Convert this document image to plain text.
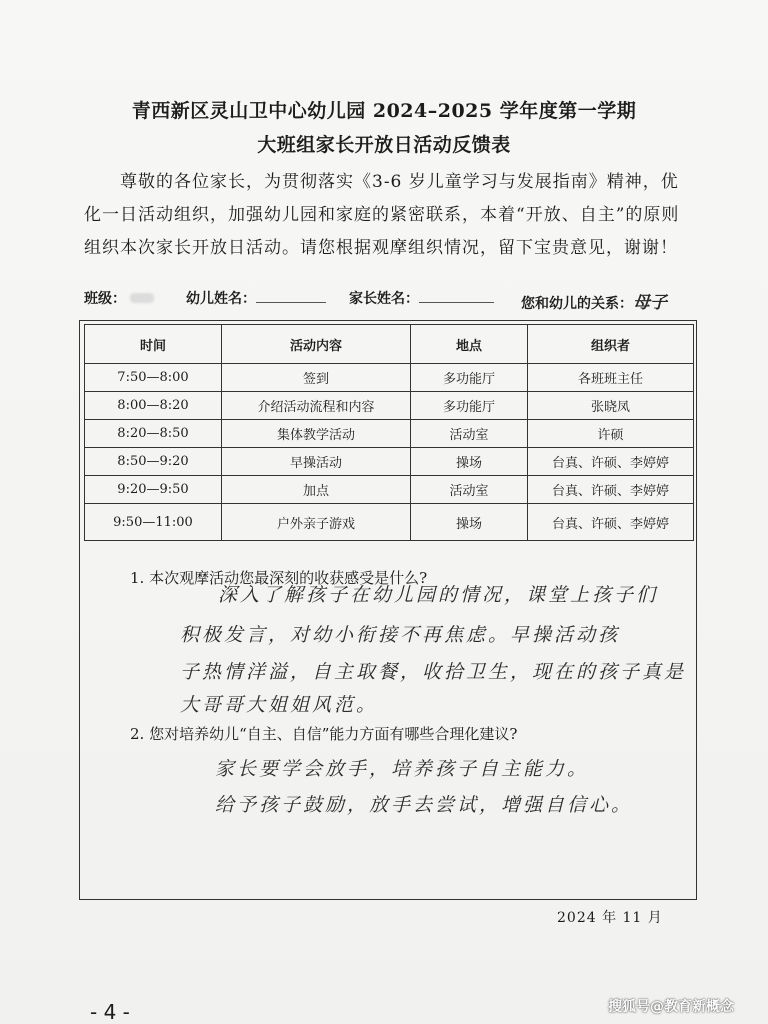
青西新区灵山卫中心幼儿园 2024–2025 学年度第一学期
大班组家长开放日活动反馈表
尊敬的各位家长，为贯彻落实《3-6 岁儿童学习与发展指南》精神，优化一日活动组织，加强幼儿园和家庭的紧密联系，本着“开放、自主”的原则组织本次家长开放日活动。请您根据观摩组织情况，留下宝贵意见，谢谢！
班级：	幼儿姓名：	家长姓名：	您和幼儿的关系：母子
时间	活动内容	地点	组织者
7:50—8:00	签到	多功能厅	各班班主任
8:00—8:20	介绍活动流程和内容	多功能厅	张晓凤
8:20—8:50	集体教学活动	活动室	许硕
8:50—9:20	早操活动	操场	台真、许硕、李婷婷
9:20—9:50	加点	活动室	台真、许硕、李婷婷
9:50—11:00	户外亲子游戏	操场	台真、许硕、李婷婷
1. 本次观摩活动您最深刻的收获感受是什么?
深入了解孩子在幼儿园的情况，课堂上孩子们
积极发言，对幼小衔接不再焦虑。早操活动孩
子热情洋溢，自主取餐，收拾卫生，现在的孩子真是
大哥哥大姐姐风范。
2. 您对培养幼儿“自主、自信”能力方面有哪些合理化建议?
家长要学会放手，培养孩子自主能力。
给予孩子鼓励，放手去尝试，增强自信心。
2024 年 11 月
- 4 -	搜狐号@教育新概念
